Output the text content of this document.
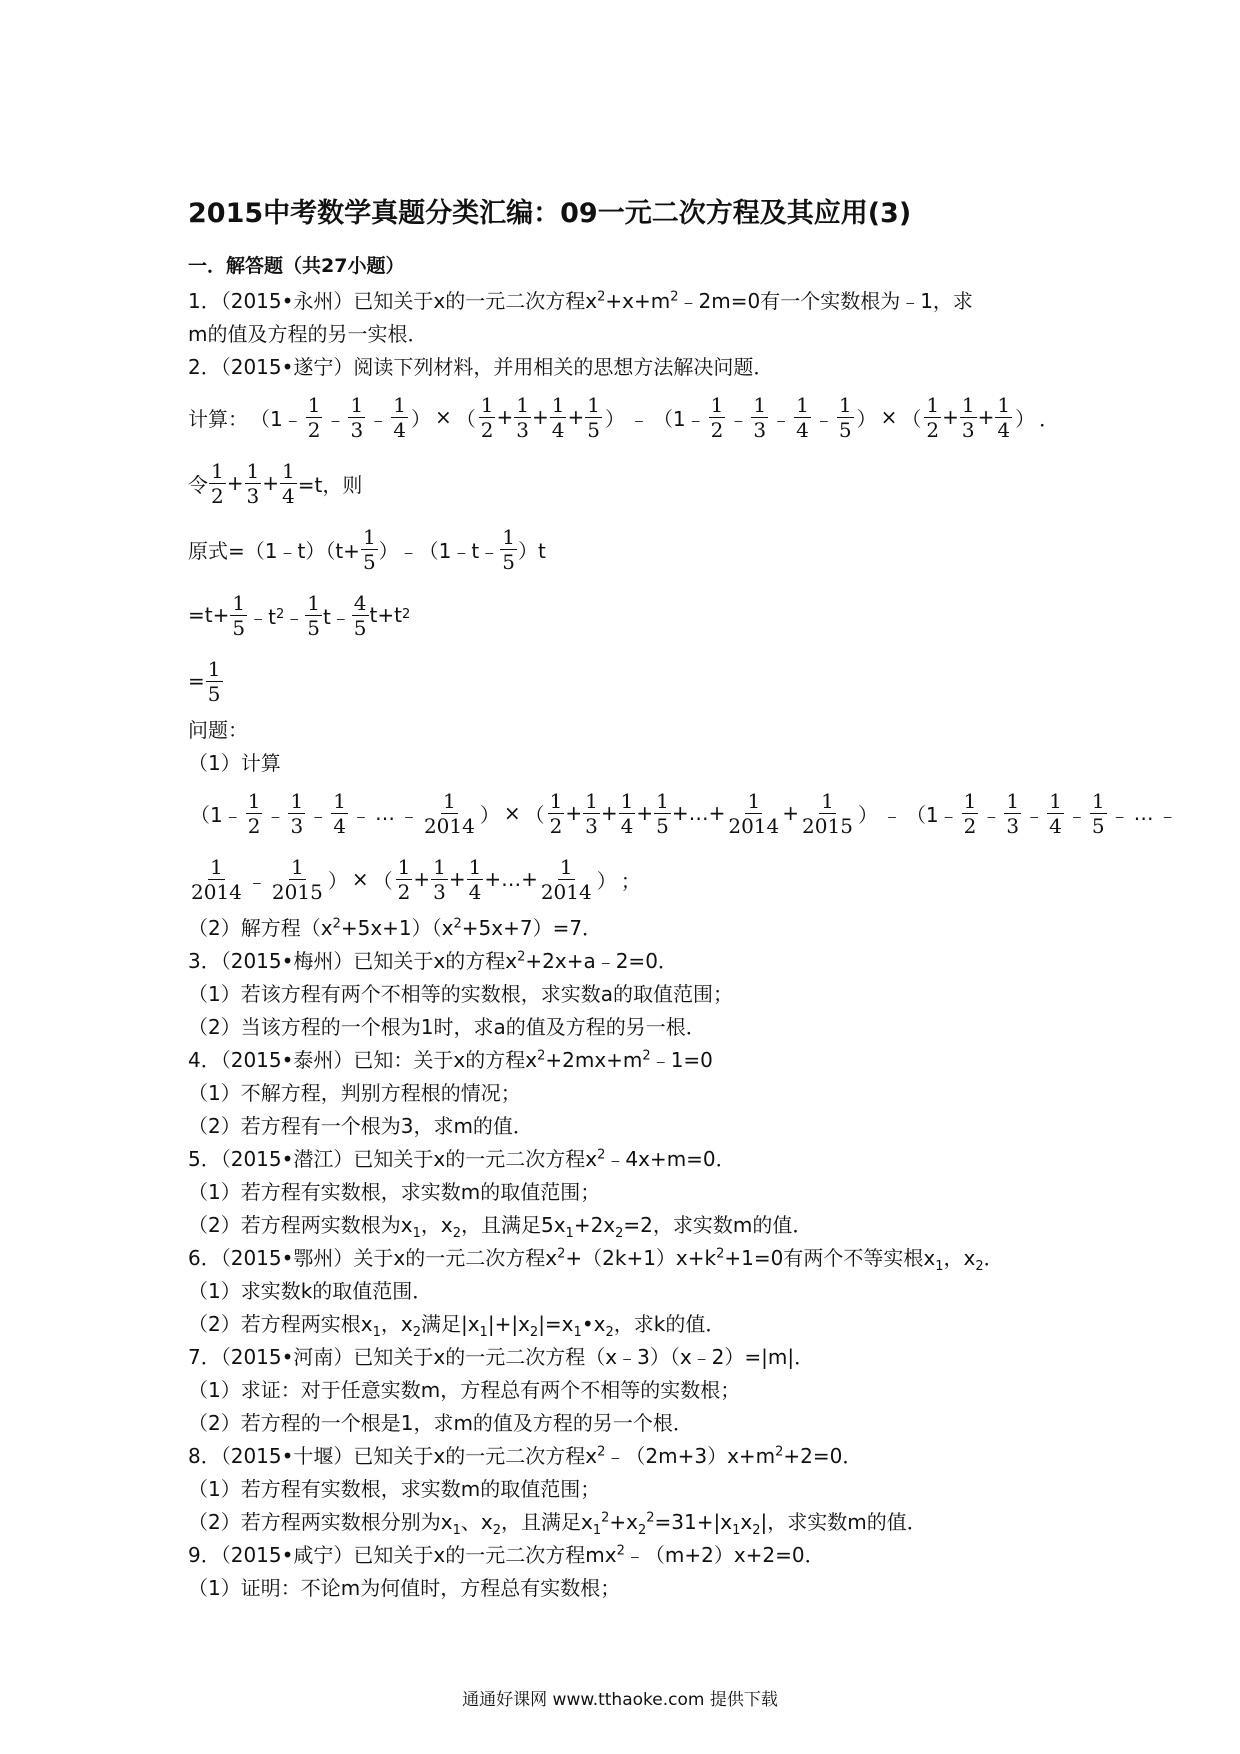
2015中考数学真题分类汇编：09一元二次方程及其应用(3)
一．解答题（共27小题）
1．（2015•永州）已知关于x的一元二次方程$x^2+x+m^2﹣2m=0$有一个实数根为﹣1，求
m的值及方程的另一实根．
2．（2015•遂宁）阅读下列材料，并用相关的思想方法解决问题．
计算： （1﹣ $\frac{1}{2}$ ﹣ $\frac{1}{3}$ ﹣ $\frac{1}{4}$ ） × （ $\frac{1}{2} + \frac{1}{3} + \frac{1}{4} + \frac{1}{5}$ ） ﹣ （1﹣ $\frac{1}{2}$ ﹣ $\frac{1}{3}$ ﹣ $\frac{1}{4}$ ﹣ $\frac{1}{5}$ ） × （ $\frac{1}{2} + \frac{1}{3} + \frac{1}{4}$ ） ．
令 $\frac{1}{2} + \frac{1}{3} + \frac{1}{4} =t$，则
原式=（1﹣t）（t+ $\frac{1}{5}$ ）﹣（1﹣t﹣ $\frac{1}{5} )t$
$=t+ \frac{1}{5}$ ﹣t 2 ﹣ $\frac{1}{5}$ t﹣ $\frac{4}{5} t+t$ 2
= $\frac{1}{5}$
问题：
（1）计算
（1﹣ $\frac{1}{2}$ ﹣ $\frac{1}{3}$ ﹣ $\frac{1}{4}$ ﹣ … ﹣ $\frac{1}{2014}$ ） × （ $\frac{1}{2} + \frac{1}{3} + \frac{1}{4} + \frac{1}{5}$ +…+ $\frac{1}{2014} + \frac{1}{2015}$ ） ﹣ （1﹣ $\frac{1}{2}$ ﹣ $\frac{1}{3}$ ﹣ $\frac{1}{4}$ ﹣ $\frac{1}{5}$ ﹣ … ﹣
$\frac{1}{2014}$ ﹣ $\frac{1}{2015}$ ） × （ $\frac{1}{2} + \frac{1}{3} + \frac{1}{4}$ +…+ $\frac{1}{2014}$ ） ；
（2）解方程$(x^2+5x+1)(x^2+5x+7)=7$．
3．（2015•梅州）已知关于x的方程$x^2+2x+a﹣2=0$．
（1）若该方程有两个不相等的实数根，求实数a的取值范围；
（2）当该方程的一个根为1时，求a的值及方程的另一根．
4．（2015•泰州）已知：关于x的方程$x^2+2mx+m^2﹣1=0$
（1）不解方程，判别方程根的情况；
（2）若方程有一个根为3，求m的值．
5．（2015•潜江）已知关于x的一元二次方程$x^2﹣4x+m=0$．
（1）若方程有实数根，求实数m的取值范围；
（2）若方程两实数根为$x_1$，$x_2$，且满足$5x_1+2x_2=2$，求实数m的值．
6．（2015•鄂州）关于x的一元二次方程$x^2+(2k+1)x+k^2+1=0$有两个不等实根$x_1$，$x_2$．
（1）求实数k的取值范围．
（2）若方程两实根$x_1$，$x_2$满足$|x_1|+|x_2|=x_1•x_2$，求k的值．
7．（2015•河南）已知关于x的一元二次方程（x﹣3）（x﹣2）=|m|．
（1）求证：对于任意实数m，方程总有两个不相等的实数根；
（2）若方程的一个根是1，求m的值及方程的另一个根．
8．（2015•十堰）已知关于x的一元二次方程$x^2﹣(2m+3)x+m^2+2=0$．
（1）若方程有实数根，求实数m的取值范围；
（2）若方程两实数根分别为$x_1$、$x_2$，且满足$x_1^2+x_2^2=31+|x_1x_2|$，求实数m的值．
9．（2015•咸宁）已知关于x的一元二次方程$mx^2﹣(m+2)x+2=0$．
（1）证明：不论m为何值时，方程总有实数根；
通通好课网 www.tthaoke.com 提供下载
